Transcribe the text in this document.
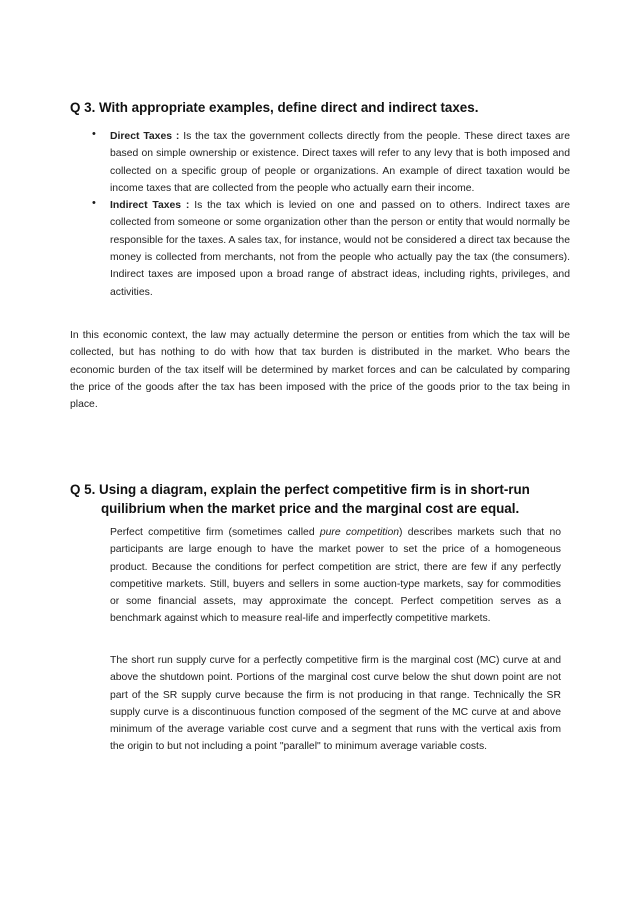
Q 3. With appropriate examples, define direct and indirect taxes.
• Direct Taxes : Is the tax the government collects directly from the people. These direct taxes are based on simple ownership or existence. Direct taxes will refer to any levy that is both imposed and collected on a specific group of people or organizations. An example of direct taxation would be income taxes that are collected from the people who actually earn their income.

• Indirect Taxes : Is the tax which is levied on one and passed on to others. Indirect taxes are collected from someone or some organization other than the person or entity that would normally be responsible for the taxes. A sales tax, for instance, would not be considered a direct tax because the money is collected from merchants, not from the people who actually pay the tax (the consumers). Indirect taxes are imposed upon a broad range of abstract ideas, including rights, privileges, and activities.

In this economic context, the law may actually determine the person or entities from which the tax will be collected, but has nothing to do with how that tax burden is distributed in the market. Who bears the economic burden of the tax itself will be determined by market forces and can be calculated by comparing the price of the goods after the tax has been imposed with the price of the goods prior to the tax being in place.

Q 5. Using a diagram, explain the perfect competitive firm is in short-run
quilibrium when the market price and the marginal cost are equal.

Perfect competitive firm (sometimes called pure competition) describes markets such that no participants are large enough to have the market power to set the price of a homogeneous product. Because the conditions for perfect competition are strict, there are few if any perfectly competitive markets. Still, buyers and sellers in some auction-type markets, say for commodities or some financial assets, may approximate the concept. Perfect competition serves as a benchmark against which to measure real-life and imperfectly competitive markets.

The short run supply curve for a perfectly competitive firm is the marginal cost (MC) curve at and above the shutdown point. Portions of the marginal cost curve below the shut down point are not part of the SR supply curve because the firm is not producing in that range. Technically the SR supply curve is a discontinuous function composed of the segment of the MC curve at and above minimum of the average variable cost curve and a segment that runs with the vertical axis from the origin to but not including a point "parallel" to minimum average variable costs.
